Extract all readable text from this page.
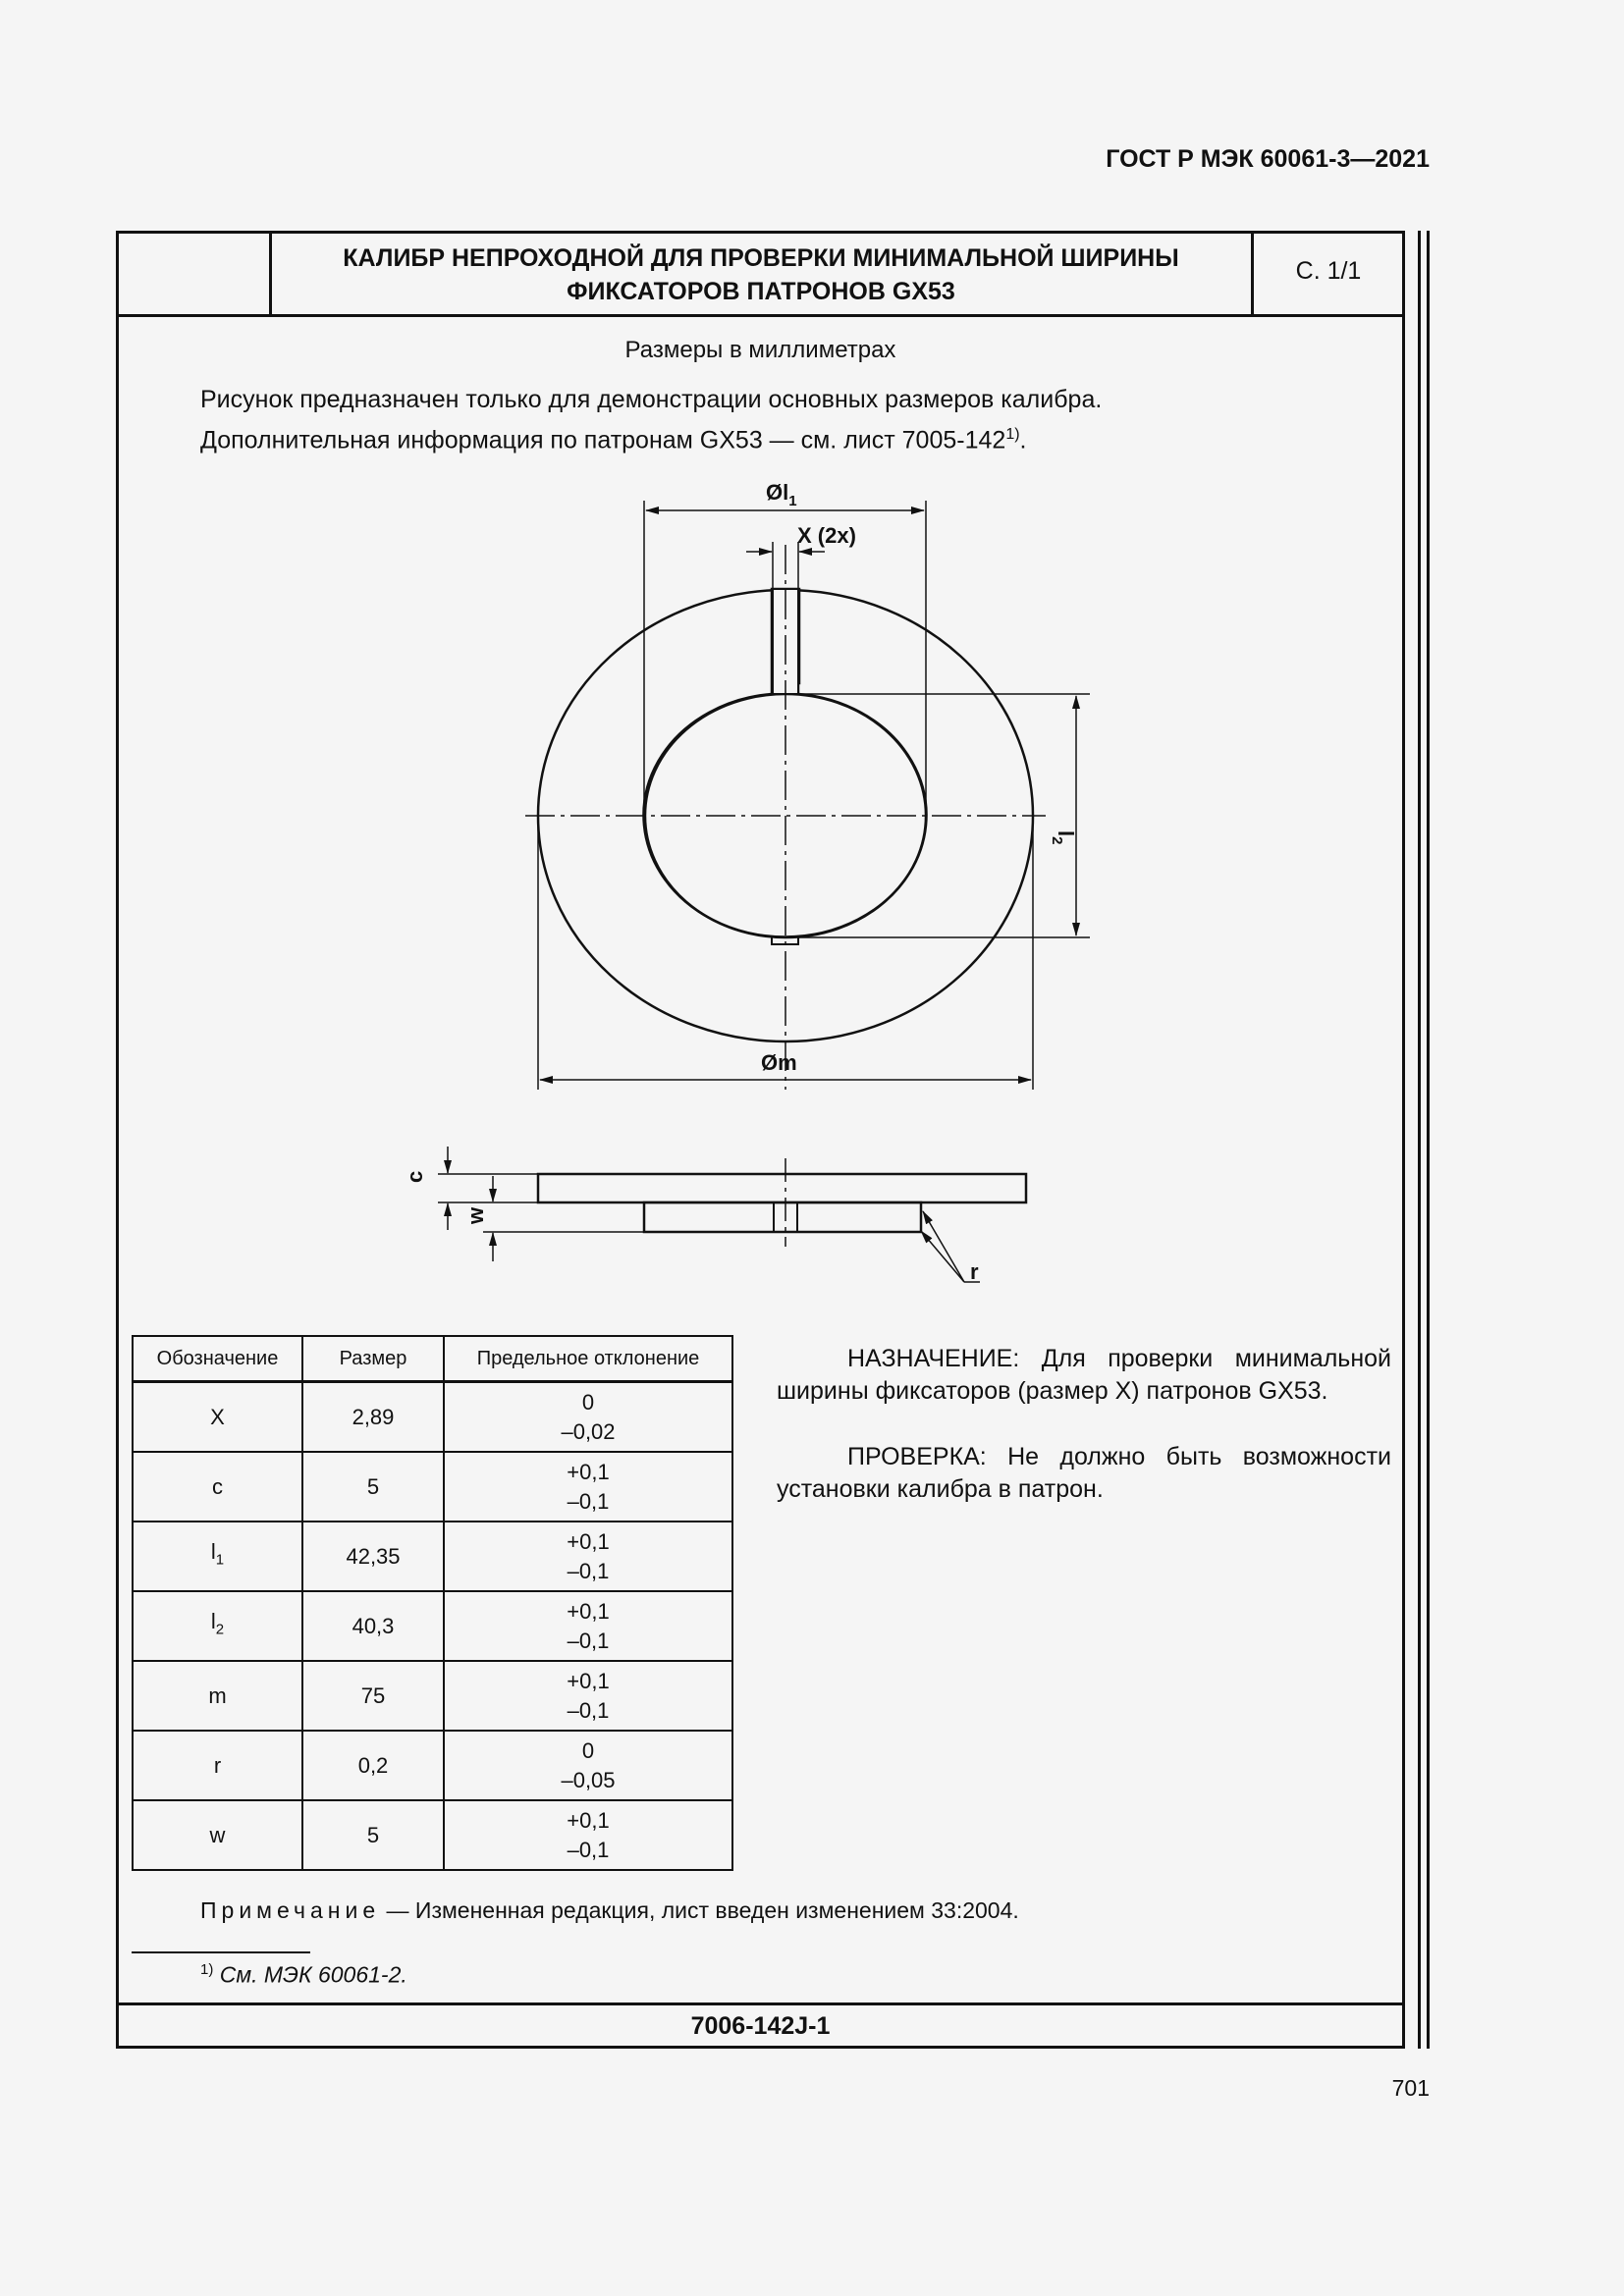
ГОСТ Р МЭК 60061-3—2021
КАЛИБР НЕПРОХОДНОЙ ДЛЯ ПРОВЕРКИ МИНИМАЛЬНОЙ ШИРИНЫ
ФИКСАТОРОВ ПАТРОНОВ GX53
С. 1/1
Размеры в миллиметрах
Рисунок предназначен только для демонстрации основных размеров калибра.
Дополнительная информация по патронам GX53 — см. лист 7005-142$^{1)}$.
$Øl_1$
X (2x)
$l_2$
Øm
c
w
r
Обозначение	Размер	Предельное отклонение
X	2,89	0
–0,02

c	5	+0,1
–0,1

$l_1$	42,35	+0,1
–0,1

$l_2$	40,3	+0,1
–0,1

m	75	+0,1
–0,1

r	0,2	0
–0,05

w	5	+0,1
–0,1

НАЗНАЧЕНИЕ: Для проверки минимальной ширины фиксаторов (размер X) патронов GX53.

ПРОВЕРКА: Не должно быть возможности установки калибра в патрон.

Примечание — Измененная редакция, лист введен изменением 33:2004.
$^{1)}$ См. МЭК 60061-2.
7006-142J-1
701
